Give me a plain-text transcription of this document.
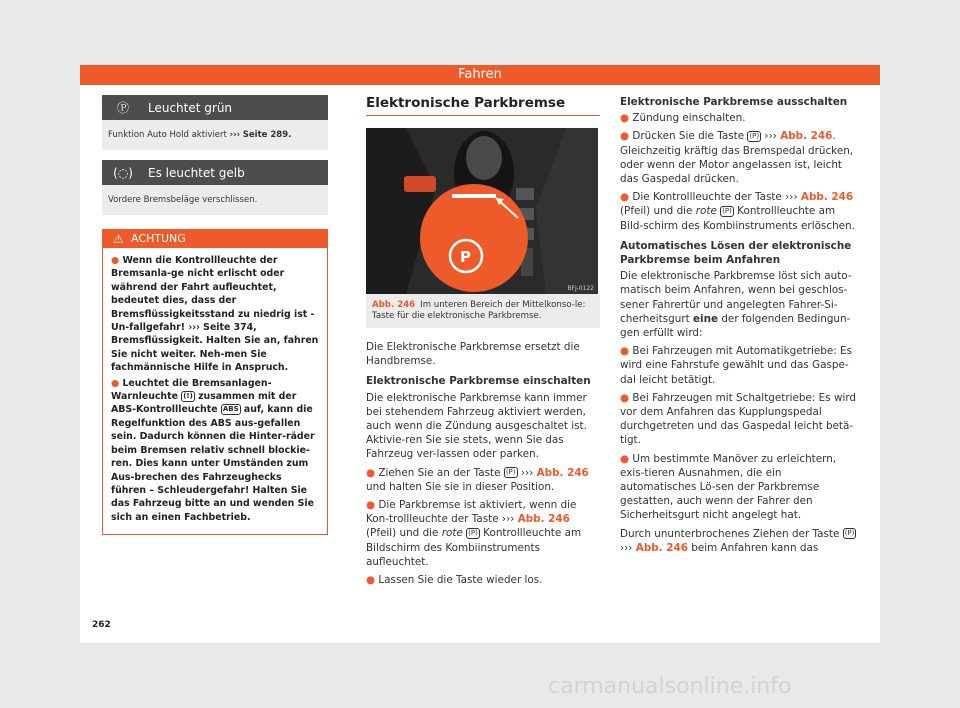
Fahren
Ⓟ	Leuchtet grün
Funktion Auto Hold aktiviert ››› Seite 289.
(◌) Es leuchtet gelb
Vordere Bremsbeläge verschlissen.
⚠ ACHTUNG

● Wenn die Kontrollleuchte der Bremsanla-ge nicht erlischt oder während der Fahrt aufleuchtet, bedeutet dies, dass der Bremsflüssigkeitsstand zu niedrig ist - Un-fallgefahr! ››› Seite 374, Bremsflüssigkeit. Halten Sie an, fahren Sie nicht weiter. Neh-men Sie fachmännische Hilfe in Anspruch.

● Leuchtet die Bremsanlagen-Warnleuchte (!) zusammen mit der ABS-Kontrollleuchte ABS auf, kann die Regelfunktion des ABS aus-gefallen sein. Dadurch können die Hinter-räder beim Bremsen relativ schnell blockie-ren. Dies kann unter Umständen zum Aus-brechen des Fahrzeughecks führen – Schleudergefahr! Halten Sie das Fahrzeug bitte an und wenden Sie sich an einen Fachbetrieb.

Elektronische Parkbremse
P
BFJ-0122
Abb. 246 Im unteren Bereich der Mittelkonso-le: Taste für die elektronische Parkbremse.

Die Elektronische Parkbremse ersetzt die Handbremse.

Elektronische Parkbremse einschalten

Die elektronische Parkbremse kann immer bei stehendem Fahrzeug aktiviert werden, auch wenn die Zündung ausgeschaltet ist. Aktivie-ren Sie sie stets, wenn Sie das Fahrzeug ver-lassen oder parken.

● Ziehen Sie an der Taste (P) ››› Abb. 246 und halten Sie sie in dieser Position.

● Die Parkbremse ist aktiviert, wenn die Kon-trollleuchte der Taste ››› Abb. 246 (Pfeil) und die rote (P) Kontrollleuchte am Bildschirm des Kombiinstruments aufleuchtet.

● Lassen Sie die Taste wieder los.

Elektronische Parkbremse ausschalten

● Zündung einschalten.

● Drücken Sie die Taste (P) ››› Abb. 246. Gleichzeitig kräftig das Bremspedal drücken, oder wenn der Motor angelassen ist, leicht das Gaspedal drücken.

● Die Kontrollleuchte der Taste ››› Abb. 246 (Pfeil) und die rote (P) Kontrollleuchte am Bild-schirm des Kombiinstruments erlöschen.

Automatisches Lösen der elektronische Parkbremse beim Anfahren

Die elektronische Parkbremse löst sich auto-matisch beim Anfahren, wenn bei geschlos-sener Fahrertür und angelegten Fahrer-Si-cherheitsgurt eine der folgenden Bedingun-gen erfüllt wird:

● Bei Fahrzeugen mit Automatikgetriebe: Es wird eine Fahrstufe gewählt und das Gaspe-dal leicht betätigt.

● Bei Fahrzeugen mit Schaltgetriebe: Es wird vor dem Anfahren das Kupplungspedal durchgetreten und das Gaspedal leicht betä-tigt.

● Um bestimmte Manöver zu erleichtern, exis-tieren Ausnahmen, die ein automatisches Lö-sen der Parkbremse gestatten, auch wenn der Fahrer den Sicherheitsgurt nicht angelegt hat.

Durch ununterbrochenes Ziehen der Taste (P) ››› Abb. 246 beim Anfahren kann das

262
carmanualsonline.info
